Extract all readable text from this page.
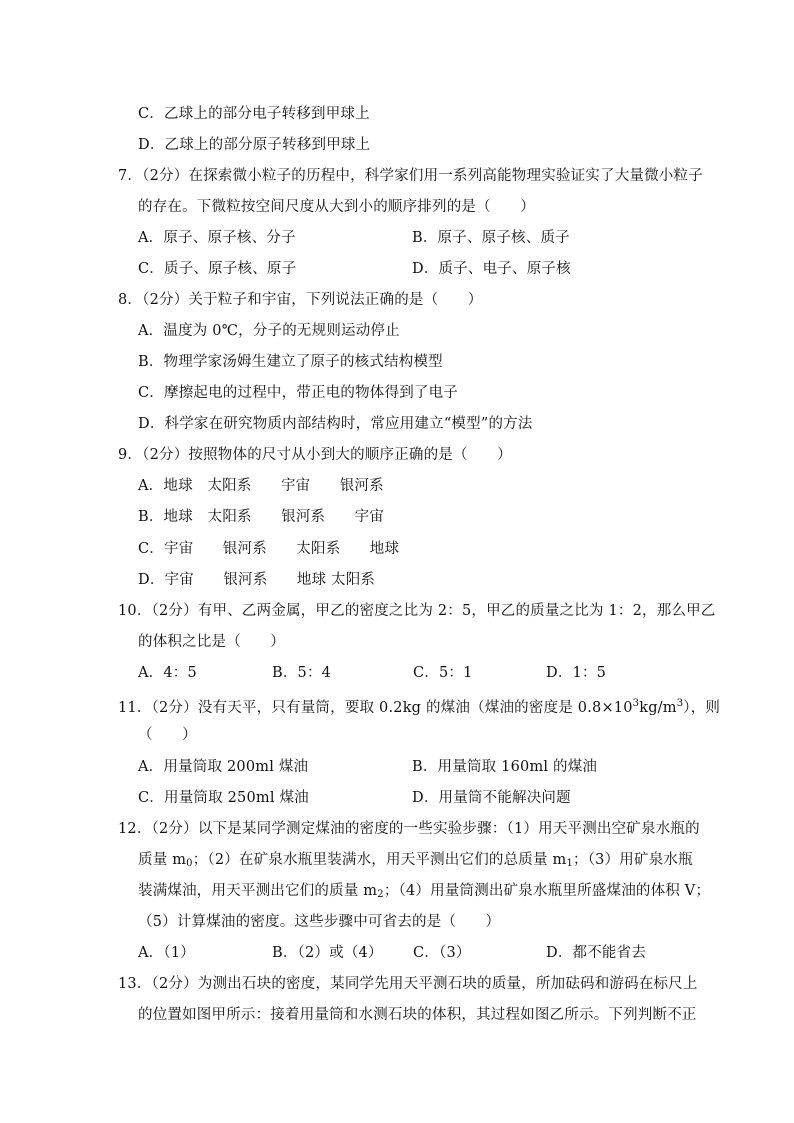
C．乙球上的部分电子转移到甲球上
D．乙球上的部分原子转移到甲球上
7．（2分）在探索微小粒子的历程中，科学家们用一系列高能物理实验证实了大量微小粒子
的存在。下微粒按空间尺度从大到小的顺序排列的是（　　）
A．原子、原子核、分子	B．原子、原子核、质子
C．质子、原子核、原子	D．质子、电子、原子核
8．（2分）关于粒子和宇宙，下列说法正确的是（　　）
A．温度为 0℃，分子的无规则运动停止
B．物理学家汤姆生建立了原子的核式结构模型
C．摩擦起电的过程中，带正电的物体得到了电子
D．科学家在研究物质内部结构时，常应用建立“模型”的方法
9．（2分）按照物体的尺寸从小到大的顺序正确的是（　　）
A．地球　太阳系　　宇宙　　银河系
B．地球　太阳系　　银河系　　宇宙
C．宇宙　　银河系　　太阳系　　地球
D．宇宙　　银河系　　地球 太阳系
10．（2分）有甲、乙两金属，甲乙的密度之比为 2：5，甲乙的质量之比为 1：2，那么甲乙
的体积之比是（　　）
A．4：5	B．5：4	C．5：1	D．1：5
11．（2分）没有天平，只有量筒，要取 0.2kg 的煤油（煤油的密度是 $0.8\times 10^3kg/m^3$），则
（　　）
A．用量筒取 200ml 煤油	B．用量筒取 160ml 的煤油
C．用量筒取 250ml 煤油	D．用量筒不能解决问题
12．（2分）以下是某同学测定煤油的密度的一些实验步骤：（1）用天平测出空矿泉水瓶的
质量 $m_0$；（2）在矿泉水瓶里装满水，用天平测出它们的总质量 $m_1$；（3）用矿泉水瓶
装满煤油，用天平测出它们的质量 $m_2$；（4）用量筒测出矿泉水瓶里所盛煤油的体积 V；
（5）计算煤油的密度。这些步骤中可省去的是（　　）
A．（1）	B．（2）或（4） C．（3）	D．都不能省去
13．（2分）为测出石块的密度，某同学先用天平测石块的质量，所加砝码和游码在标尺上
的位置如图甲所示：接着用量筒和水测石块的体积，其过程如图乙所示。下列判断不正
